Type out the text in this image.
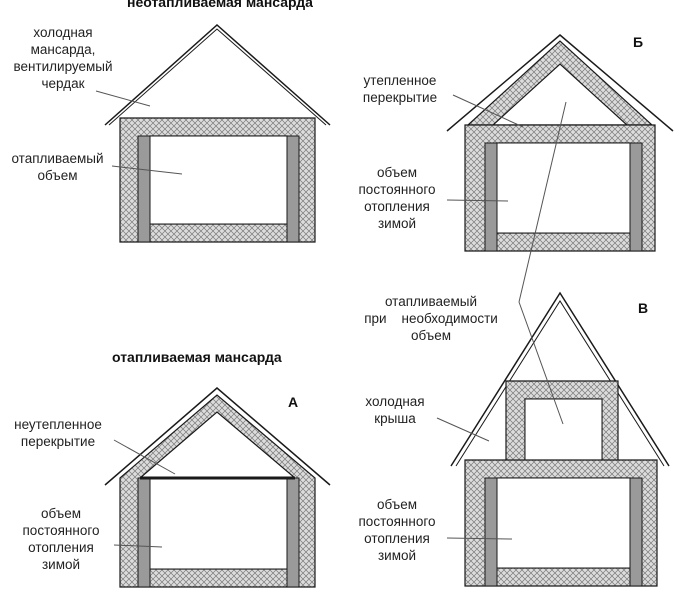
неотапливаемая мансарда
отапливаемая мансарда
А
Б
В
холодная
мансарда,
вентилируемый
чердак
отапливаемый
объем
неутепленное
перекрытие
объем
постоянного
отопления
зимой
утепленное
перекрытие
объем
постоянного
отопления
зимой
отапливаемый
при    необходимости
объем
холодная
крыша
объем
постоянного
отопления
зимой
